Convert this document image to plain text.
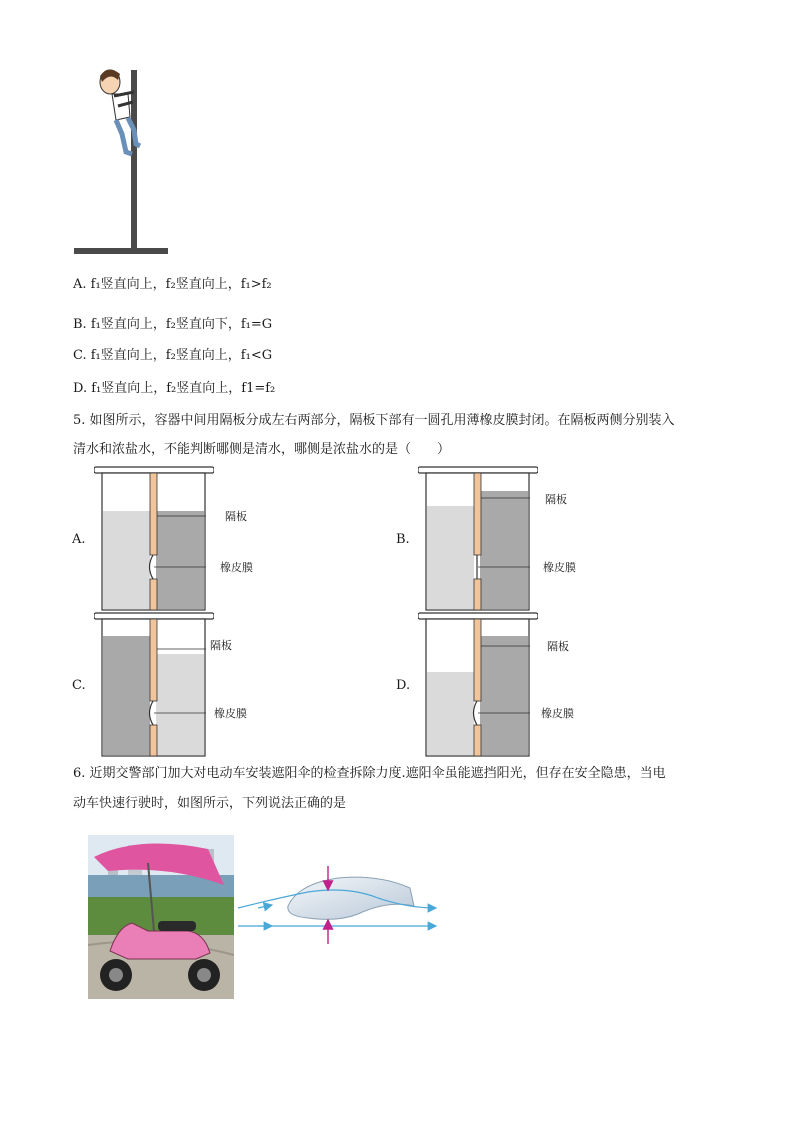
A. f₁竖直向上，f₂竖直向上，f₁>f₂
B. f₁竖直向上，f₂竖直向下，f₁=G
C. f₁竖直向上，f₂竖直向上，f₁<G
D. f₁竖直向上，f₂竖直向上，f1=f₂
5. 如图所示，容器中间用隔板分成左右两部分，隔板下部有一圆孔用薄橡皮膜封闭。在隔板两侧分别装入
清水和浓盐水，不能判断哪侧是清水，哪侧是浓盐水的是（　　）
A.	B.
C.	D.
隔板
橡皮膜
隔板
橡皮膜
隔板
橡皮膜
隔板
橡皮膜
6. 近期交警部门加大对电动车安装遮阳伞的检查拆除力度.遮阳伞虽能遮挡阳光，但存在安全隐患，当电
动车快速行驶时，如图所示，下列说法正确的是
